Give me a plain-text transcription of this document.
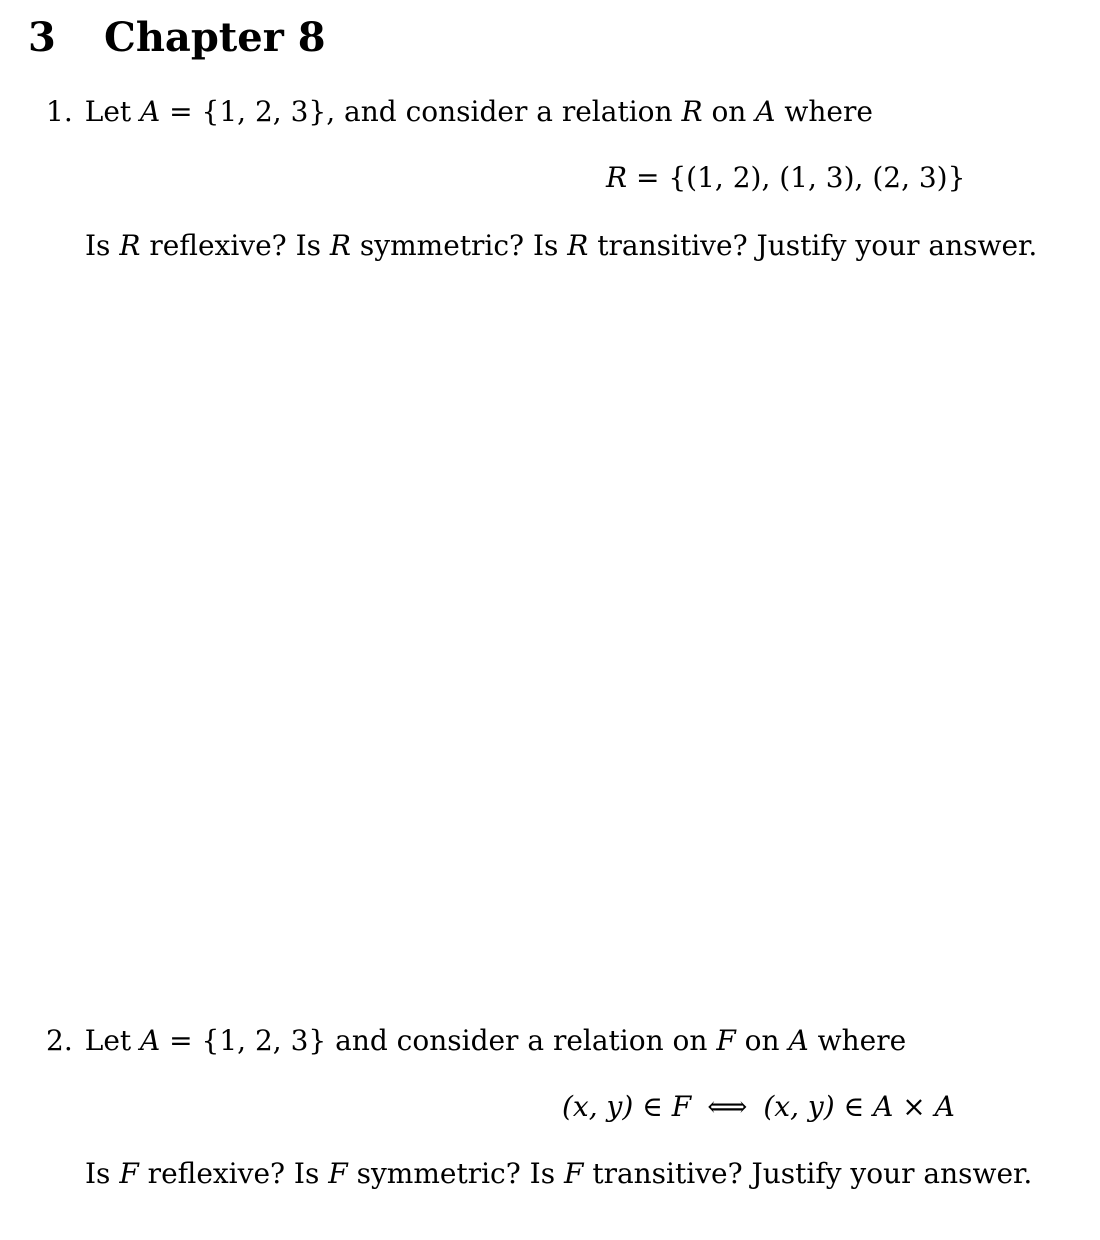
3 Chapter 8
1. Let A = {1, 2, 3}, and consider a relation R on A where
R = {(1, 2), (1, 3), (2, 3)}
Is R reflexive? Is R symmetric? Is R transitive? Justify your answer.
2. Let A = {1, 2, 3} and consider a relation on F on A where
(x, y) ∈ F ⟺ (x, y) ∈ A × A
Is F reflexive? Is F symmetric? Is F transitive? Justify your answer.
